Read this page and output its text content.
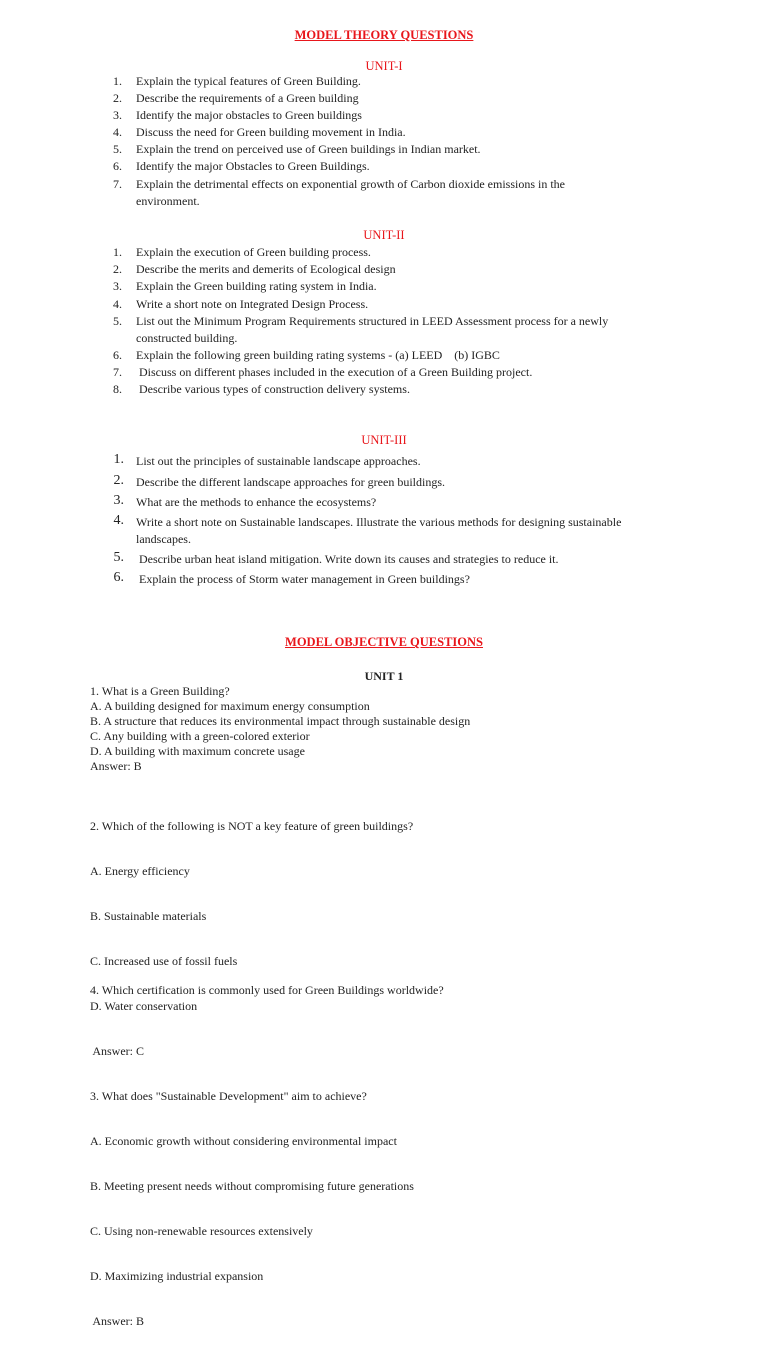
MODEL THEORY QUESTIONS
UNIT-I
1. Explain the typical features of Green Building.
2. Describe the requirements of a Green building
3. Identify the major obstacles to Green buildings
4. Discuss the need for Green building movement in India.
5. Explain the trend on perceived use of Green buildings in Indian market.
6. Identify the major Obstacles to Green Buildings.
7. Explain the detrimental effects on exponential growth of Carbon dioxide emissions in the environment.
UNIT-II
1. Explain the execution of Green building process.
2. Describe the merits and demerits of Ecological design
3. Explain the Green building rating system in India.
4. Write a short note on Integrated Design Process.
5. List out the Minimum Program Requirements structured in LEED Assessment process for a newly constructed building.
6. Explain the following green building rating systems - (a) LEED    (b) IGBC
7. Discuss on different phases included in the execution of a Green Building project.
8. Describe various types of construction delivery systems.
UNIT-III
1. List out the principles of sustainable landscape approaches.
2. Describe the different landscape approaches for green buildings.
3. What are the methods to enhance the ecosystems?
4. Write a short note on Sustainable landscapes. Illustrate the various methods for designing sustainable landscapes.
5. Describe urban heat island mitigation. Write down its causes and strategies to reduce it.
6. Explain the process of Storm water management in Green buildings?
MODEL OBJECTIVE QUESTIONS
UNIT 1
1. What is a Green Building?
A. A building designed for maximum energy consumption
B. A structure that reduces its environmental impact through sustainable design
C. Any building with a green-colored exterior
D. A building with maximum concrete usage
Answer: B

2. Which of the following is NOT a key feature of green buildings?

A. Energy efficiency

B. Sustainable materials

C. Increased use of fossil fuels

D. Water conservation

Answer: C

3. What does "Sustainable Development" aim to achieve?

A. Economic growth without considering environmental impact

B. Meeting present needs without compromising future generations

C. Using non-renewable resources extensively

D. Maximizing industrial expansion

Answer: B

4. Which certification is commonly used for Green Buildings worldwide?
